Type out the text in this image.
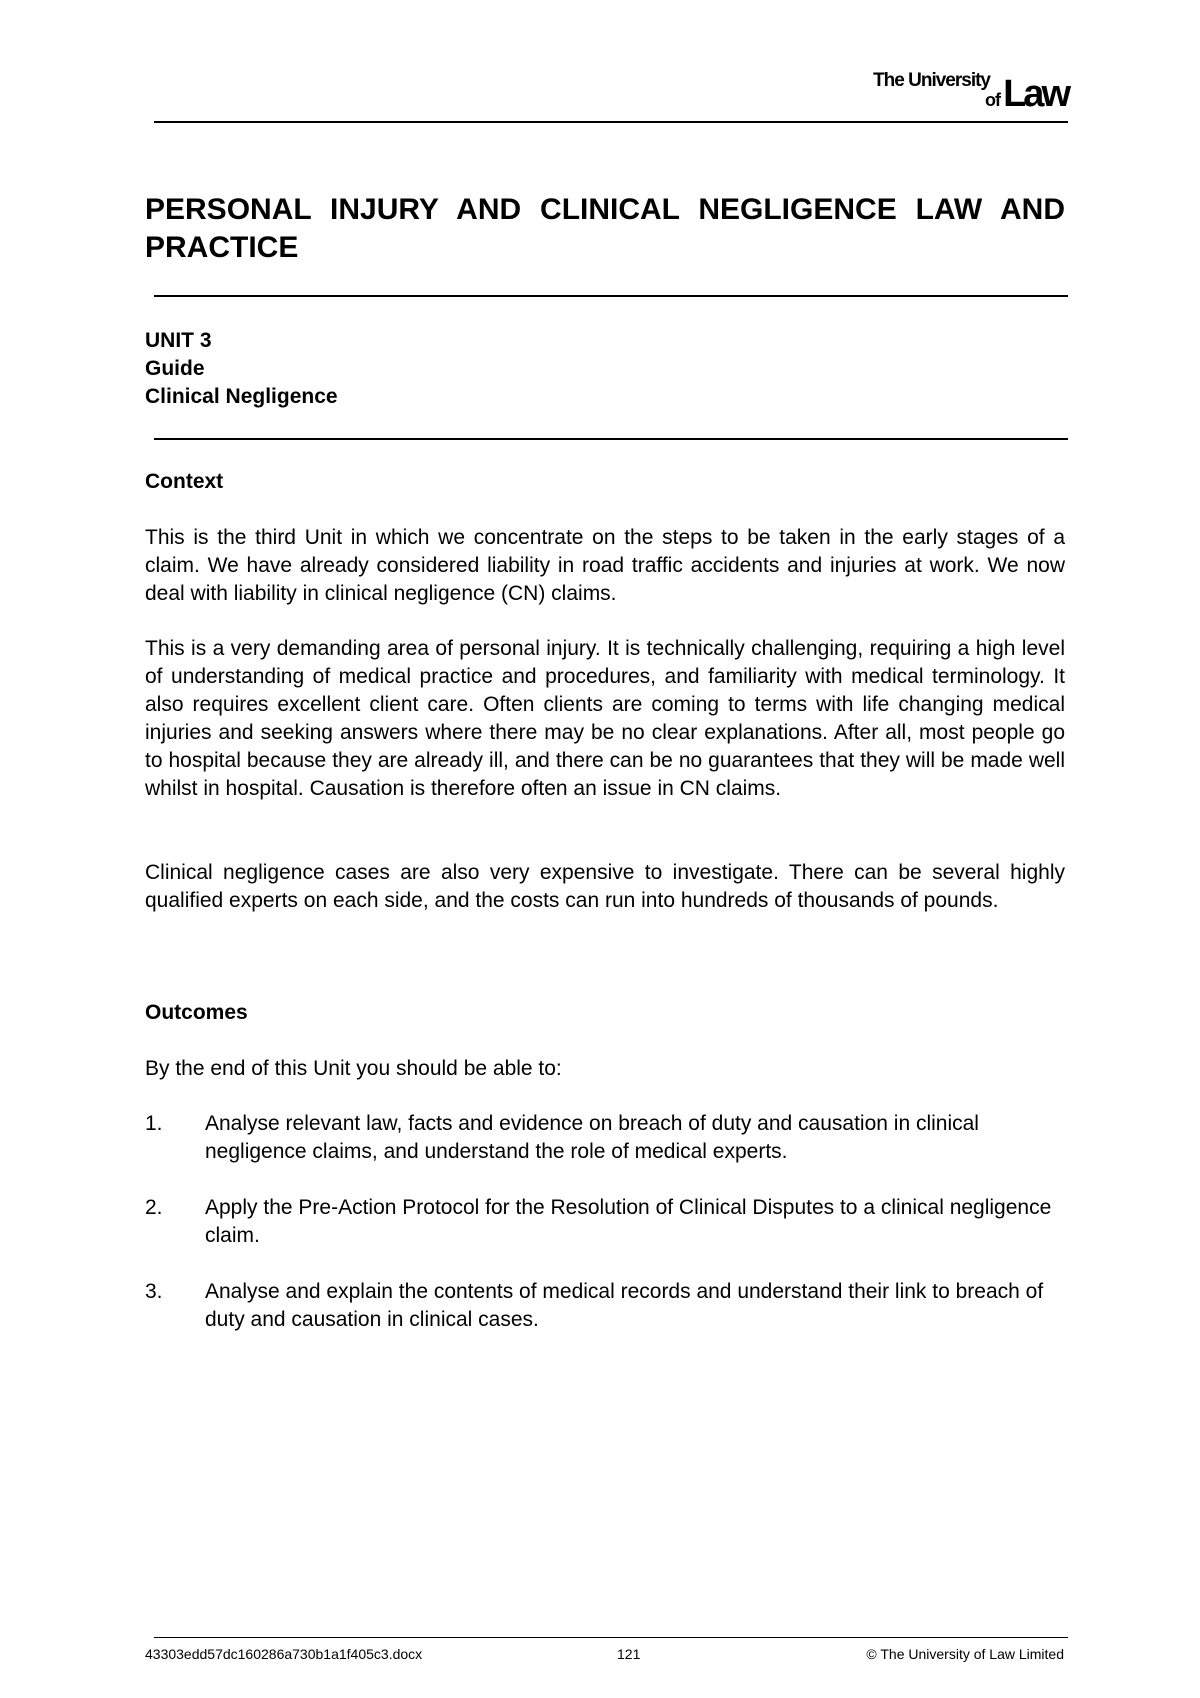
The University
of Law
PERSONAL INJURY AND CLINICAL NEGLIGENCE LAW AND PRACTICE
UNIT 3
Guide
Clinical Negligence
Context
This is the third Unit in which we concentrate on the steps to be taken in the early stages of a claim. We have already considered liability in road traffic accidents and injuries at work. We now deal with liability in clinical negligence (CN) claims.
This is a very demanding area of personal injury. It is technically challenging, requiring a high level of understanding of medical practice and procedures, and familiarity with medical terminology. It also requires excellent client care. Often clients are coming to terms with life changing medical injuries and seeking answers where there may be no clear explanations. After all, most people go to hospital because they are already ill, and there can be no guarantees that they will be made well whilst in hospital. Causation is therefore often an issue in CN claims.
Clinical negligence cases are also very expensive to investigate. There can be several highly qualified experts on each side, and the costs can run into hundreds of thousands of pounds.
Outcomes
By the end of this Unit you should be able to:
1. Analyse relevant law, facts and evidence on breach of duty and causation in clinical negligence claims, and understand the role of medical experts.
2. Apply the Pre-Action Protocol for the Resolution of Clinical Disputes to a clinical negligence claim.
3. Analyse and explain the contents of medical records and understand their link to breach of duty and causation in clinical cases.
43303edd57dc160286a730b1a1f405c3.docx	121	© The University of Law Limited
